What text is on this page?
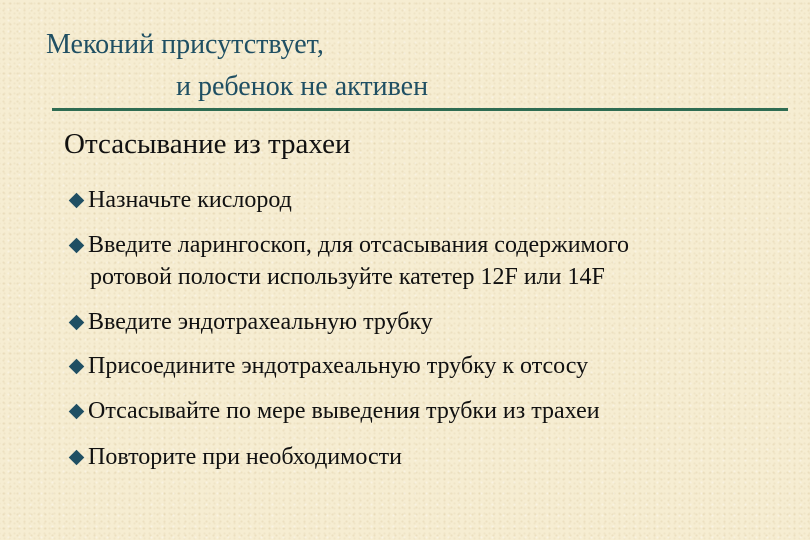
Меконий присутствует,
и ребенок не активен
Отсасывание из трахеи
Назначьте кислород
Введите ларингоскоп, для отсасывания содержимого
ротовой полости используйте катетер 12F или 14F
Введите эндотрахеальную трубку
Присоедините эндотрахеальную трубку к отсосу
Отсасывайте по мере выведения трубки из трахеи
Повторите при необходимости
